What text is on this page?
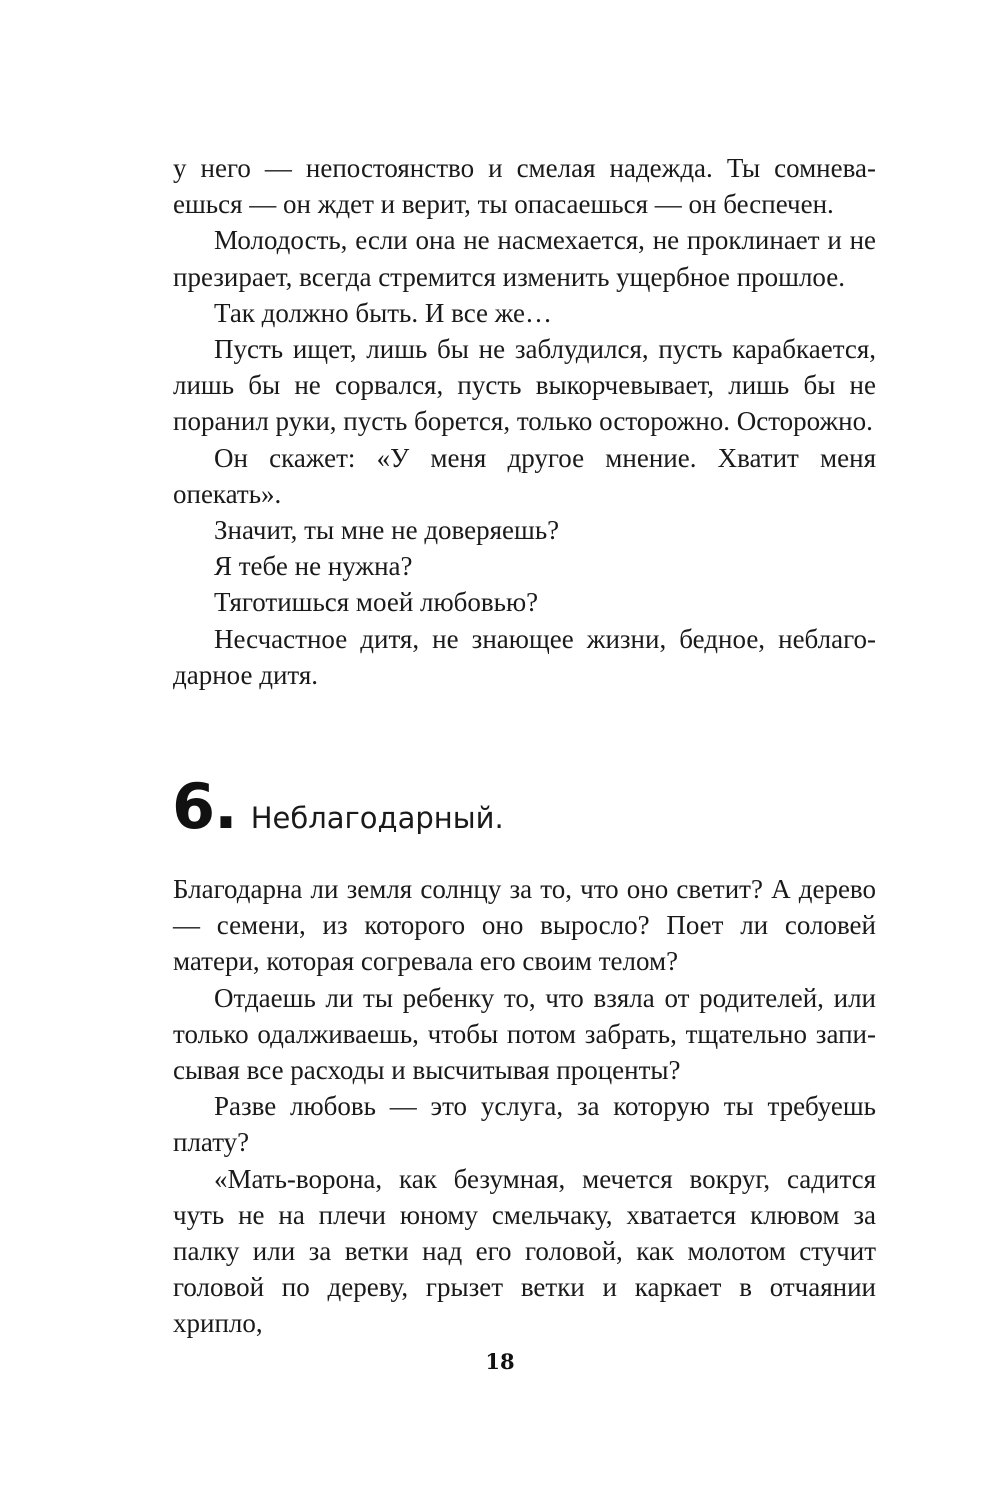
у него — непостоянство и смелая надежда. Ты сомневаешься — он ждет и верит, ты опасаешься — он беспечен.

Молодость, если она не насмехается, не проклинает и не презирает, всегда стремится изменить ущербное прошлое.

Так должно быть. И все же…

Пусть ищет, лишь бы не заблудился, пусть карабкается, лишь бы не сорвался, пусть выкорчевывает, лишь бы не поранил руки, пусть борется, только осторожно. Осторожно.

Он скажет: «У меня другое мнение. Хватит меня опекать».

Значит, ты мне не доверяешь?

Я тебе не нужна?

Тяготишься моей любовью?

Несчастное дитя, не знающее жизни, бедное, неблагодарное дитя.

6. Неблагодарный.

Благодарна ли земля солнцу за то, что оно светит? А дерево — семени, из которого оно выросло? Поет ли соловей матери, которая согревала его своим телом?

Отдаешь ли ты ребенку то, что взяла от родителей, или только одалживаешь, чтобы потом забрать, тщательно записывая все расходы и высчитывая проценты?

Разве любовь — это услуга, за которую ты требуешь плату?

«Мать-ворона, как безумная, мечется вокруг, садится чуть не на плечи юному смельчаку, хватается клювом за палку или за ветки над его головой, как молотом стучит головой по дереву, грызет ветки и каркает в отчаянии хрипло,

18
